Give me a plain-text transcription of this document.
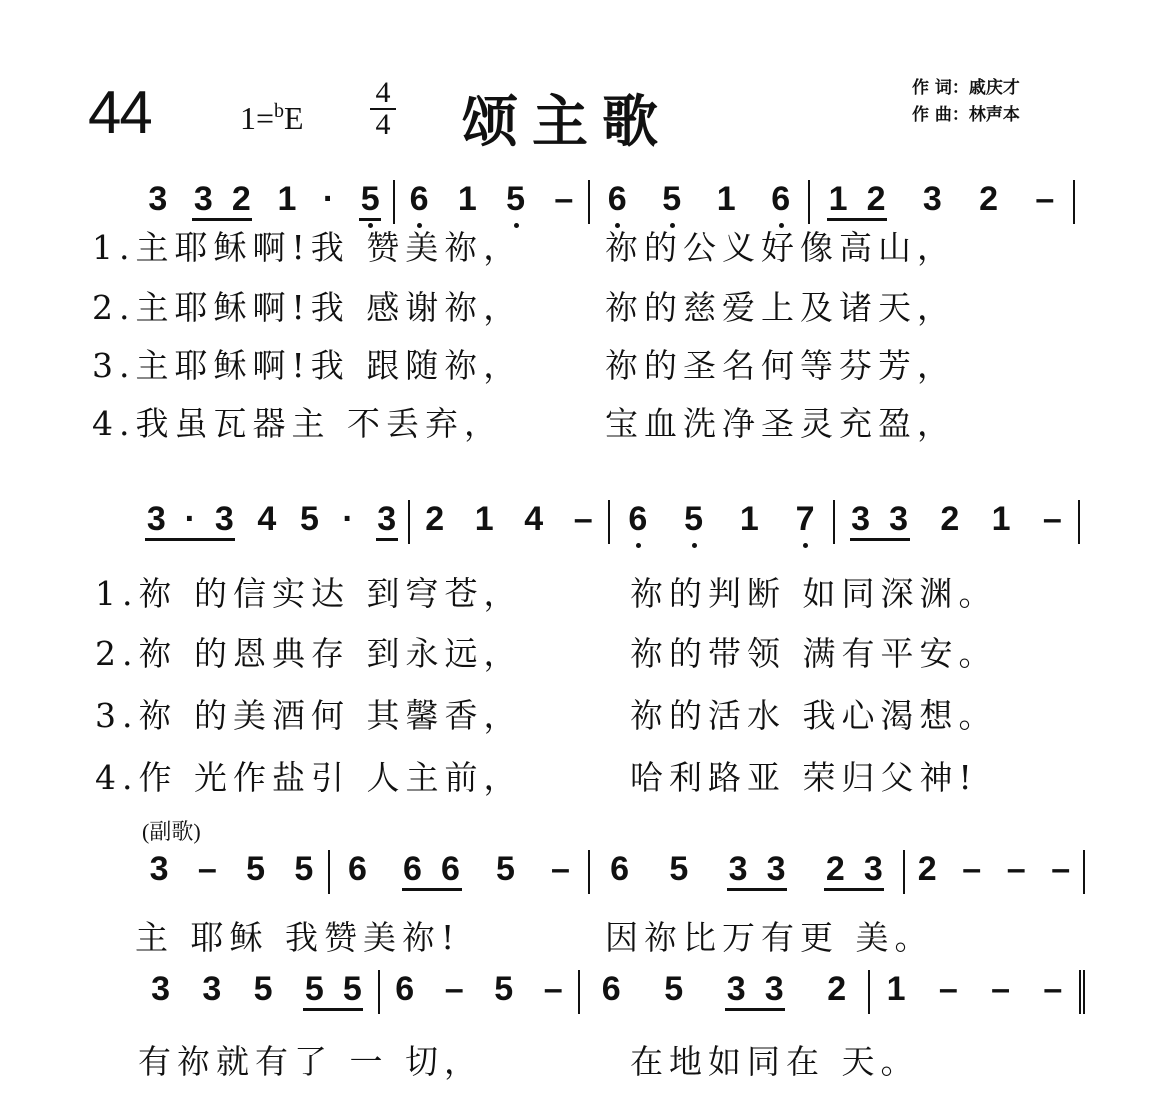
44	1=$^b$E
4
4 颂主歌
作 词：戚庆才
作 曲：林声本
3 3 2 1 · 5 6 1 5 – 6 5 1 6 1 2 3 2 –
1.主耶稣啊!我 赞美祢，	祢的公义好像高山，
2.主耶稣啊!我 感谢祢，	祢的慈爱上及诸天，
3.主耶稣啊!我 跟随祢，	祢的圣名何等芬芳，
4.我虽瓦器主 不丢弃，	宝血洗净圣灵充盈，
3 · 3 4 5 · 3 2 1 4 – 6 5 1 7 3 3 2 1 –
1.祢 的信实达 到穹苍，	祢的判断 如同深渊。
2.祢 的恩典存 到永远，	祢的带领 满有平安。
3.祢 的美酒何 其馨香，	祢的活水 我心渴想。
4.作 光作盐引 人主前，	哈利路亚 荣归父神!
(副歌)
3 – 5 5 6 6 6 5 – 6 5 3 3 2 3 2 – – –
主 耶稣 我赞美祢!	因祢比万有更 美。
3 3 5 5 5 6 – 5 – 6 5 3 3 2 1 – – –
有祢就有了 一 切，	在地如同在 天。
